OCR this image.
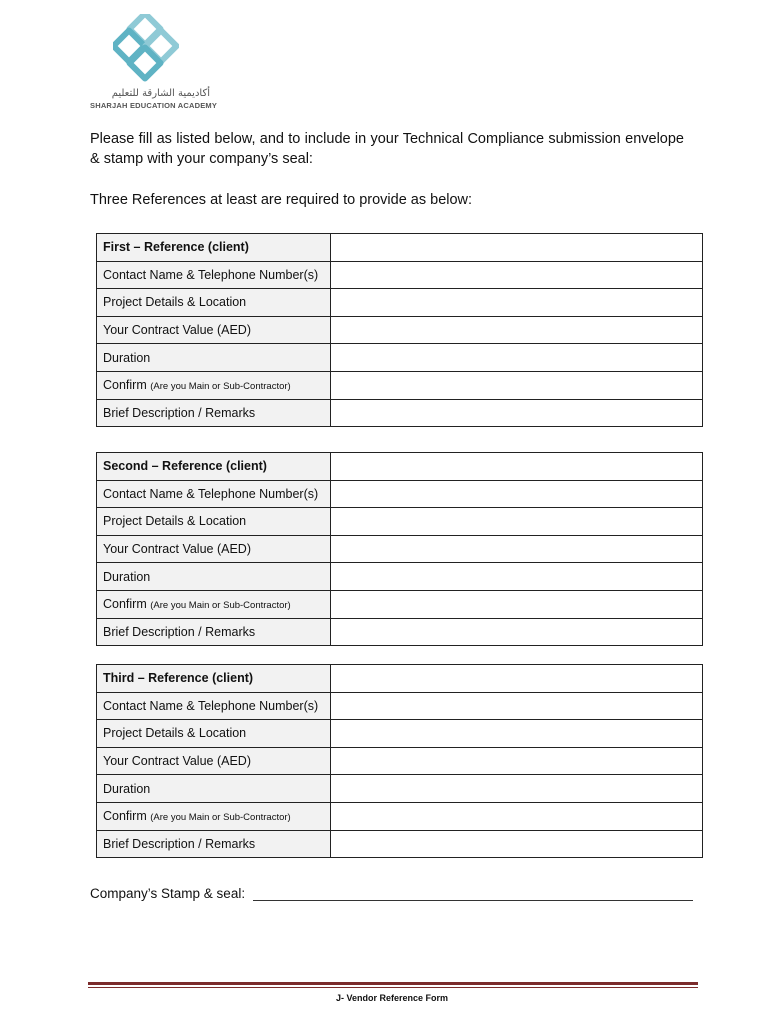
أكاديمية الشارقة للتعليم
SHARJAH EDUCATION ACADEMY

Please fill as listed below, and to include in your Technical Compliance submission envelope & stamp with your company’s seal:

Three References at least are required to provide as below:

First – Reference (client)	
Contact Name & Telephone Number(s)	
Project Details & Location	
Your Contract Value (AED)	
Duration	
Confirm (Are you Main or Sub-Contractor)	
Brief Description / Remarks	
Second – Reference (client)	
Contact Name & Telephone Number(s)	
Project Details & Location	
Your Contract Value (AED)	
Duration	
Confirm (Are you Main or Sub-Contractor)	
Brief Description / Remarks	
Third – Reference (client)	
Contact Name & Telephone Number(s)	
Project Details & Location	
Your Contract Value (AED)	
Duration	
Confirm (Are you Main or Sub-Contractor)	
Brief Description / Remarks	
Company’s Stamp & seal:
J- Vendor Reference Form
